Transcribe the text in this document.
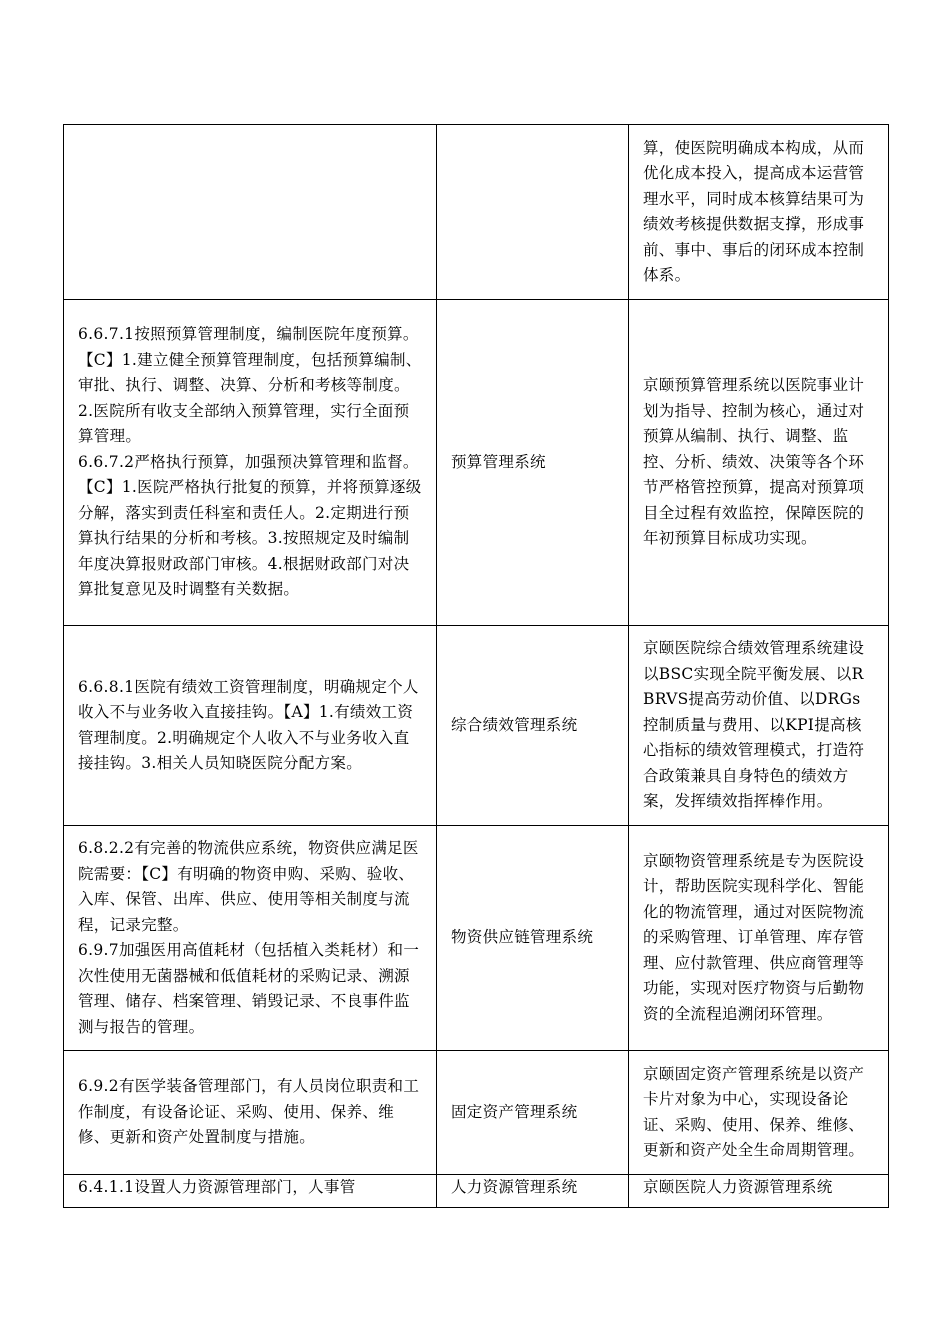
		算，使医院明确成本构成，从而优化成本投入，提高成本运营管理水平，同时成本核算结果可为绩效考核提供数据支撑，形成事前、事中、事后的闭环成本控制体系。

6.6.7.1按照预算管理制度，编制医院年度预算。【C】1.建立健全预算管理制度，包括预算编制、审批、执行、调整、决算、分析和考核等制度。2.医院所有收支全部纳入预算管理，实行全面预算管理。
6.6.7.2严格执行预算，加强预决算管理和监督。【C】1.医院严格执行批复的预算，并将预算逐级分解，落实到责任科室和责任人。2.定期进行预算执行结果的分析和考核。3.按照规定及时编制年度决算报财政部门审核。4.根据财政部门对决算批复意见及时调整有关数据。	预算管理系统	京颐预算管理系统以医院事业计划为指导、控制为核心，通过对预算从编制、执行、调整、监控、分析、绩效、决策等各个环节严格管控预算，提高对预算项目全过程有效监控，保障医院的年初预算目标成功实现。

6.6.8.1医院有绩效工资管理制度，明确规定个人收入不与业务收入直接挂钩。【A】1.有绩效工资管理制度。2.明确规定个人收入不与业务收入直接挂钩。3.相关人员知晓医院分配方案。	综合绩效管理系统	京颐医院综合绩效管理系统建设以BSC实现全院平衡发展、以RBRVS提高劳动价值、以DRGs控制质量与费用、以KPI提高核心指标的绩效管理模式，打造符合政策兼具自身特色的绩效方案，发挥绩效指挥棒作用。

6.8.2.2有完善的物流供应系统，物资供应满足医院需要：【C】有明确的物资申购、采购、验收、入库、保管、出库、供应、使用等相关制度与流程，记录完整。
6.9.7加强医用高值耗材（包括植入类耗材）和一次性使用无菌器械和低值耗材的采购记录、溯源管理、储存、档案管理、销毁记录、不良事件监测与报告的管理。	物资供应链管理系统	京颐物资管理系统是专为医院设计，帮助医院实现科学化、智能化的物流管理，通过对医院物流的采购管理、订单管理、库存管理、应付款管理、供应商管理等功能，实现对医疗物资与后勤物资的全流程追溯闭环管理。

6.9.2有医学装备管理部门，有人员岗位职责和工作制度，有设备论证、采购、使用、保养、维修、更新和资产处置制度与措施。	固定资产管理系统	京颐固定资产管理系统是以资产卡片对象为中心，实现设备论证、采购、使用、保养、维修、更新和资产处全生命周期管理。

6.4.1.1设置人力资源管理部门，人事管	人力资源管理系统	京颐医院人力资源管理系统
